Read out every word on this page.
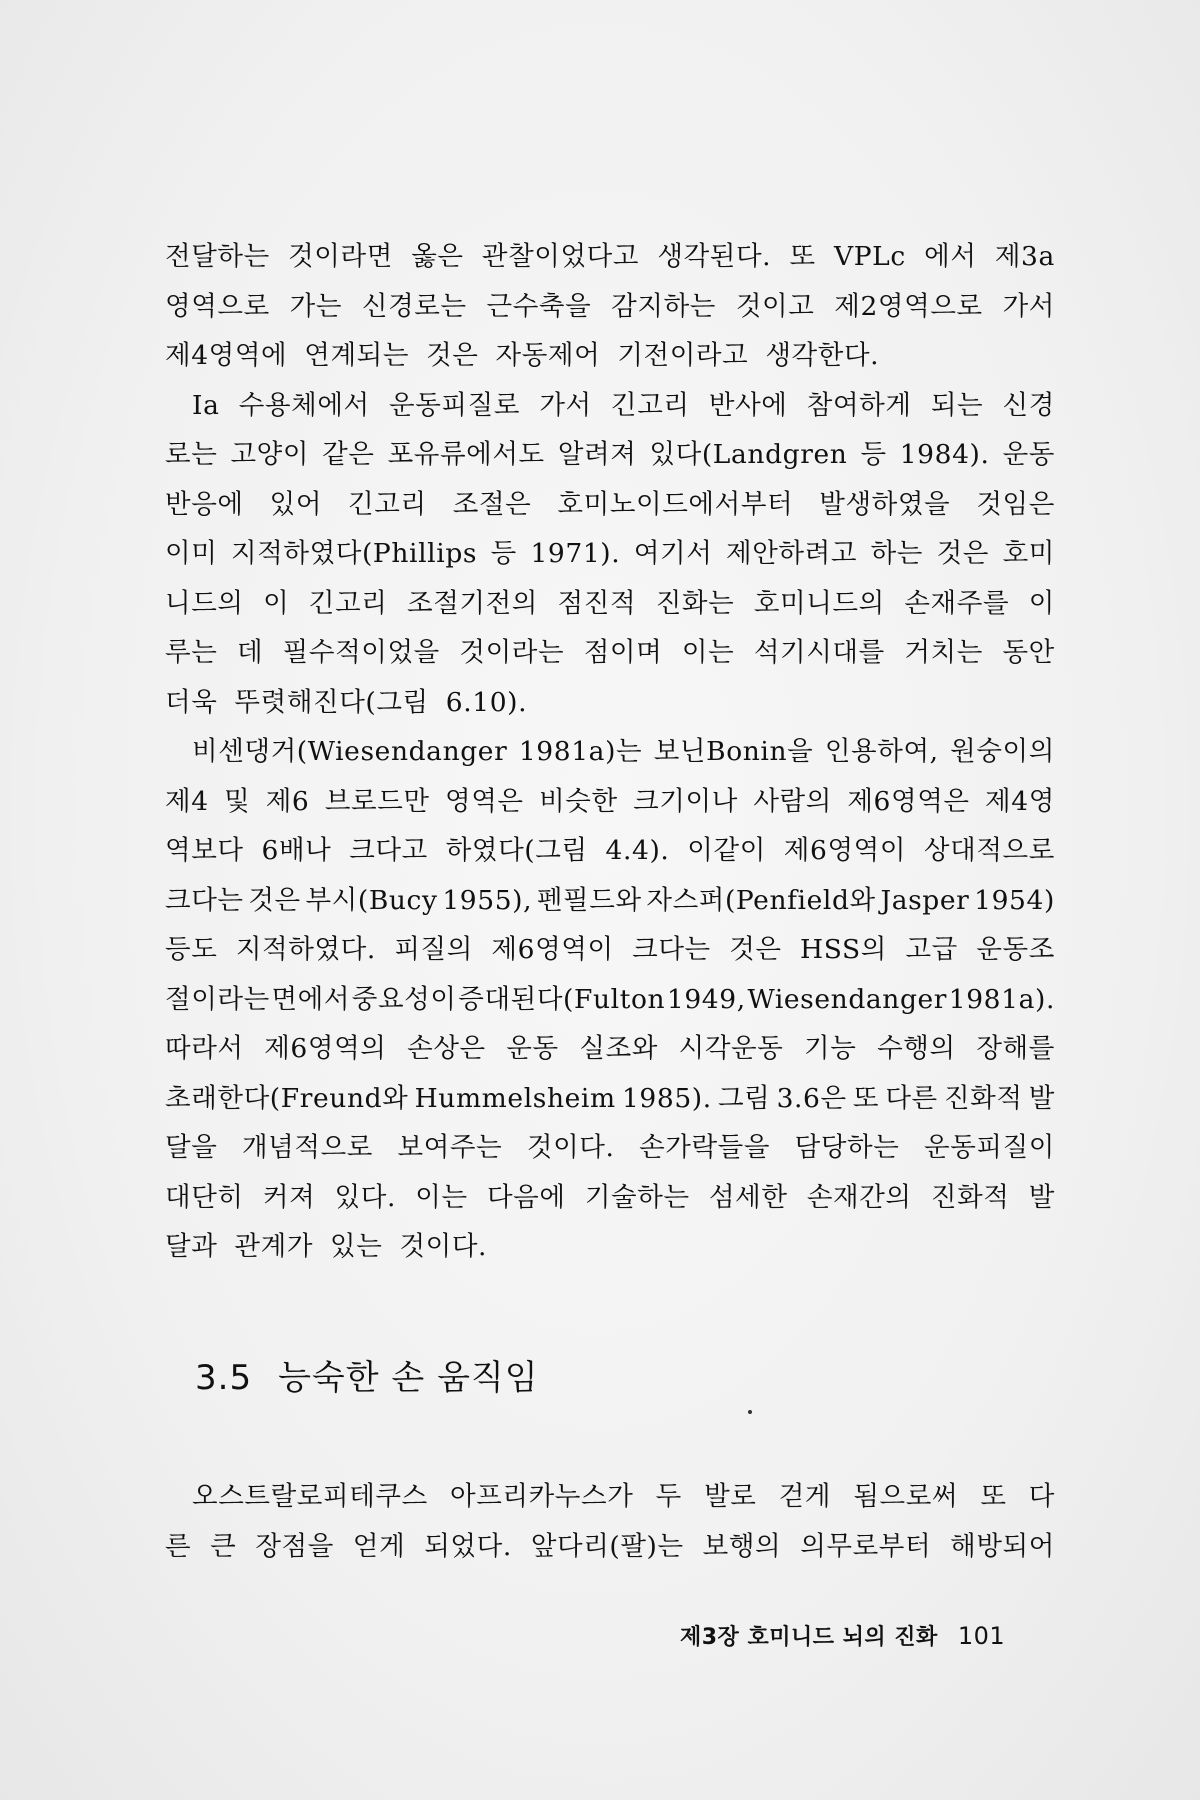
전달하는 것이라면 옳은 관찰이었다고 생각된다. 또 VPLc 에서 제3a
영역으로 가는 신경로는 근수축을 감지하는 것이고 제2영역으로 가서
제4영역에 연계되는 것은 자동제어 기전이라고 생각한다.
Ia 수용체에서 운동피질로 가서 긴고리 반사에 참여하게 되는 신경
로는 고양이 같은 포유류에서도 알려져 있다(Landgren 등 1984). 운동
반응에 있어 긴고리 조절은 호미노이드에서부터 발생하였을 것임은
이미 지적하였다(Phillips 등 1971). 여기서 제안하려고 하는 것은 호미
니드의 이 긴고리 조절기전의 점진적 진화는 호미니드의 손재주를 이
루는 데 필수적이었을 것이라는 점이며 이는 석기시대를 거치는 동안
더욱 뚜렷해진다(그림 6.10).
비센댕거(Wiesendanger 1981a)는 보닌Bonin을 인용하여, 원숭이의
제4 및 제6 브로드만 영역은 비슷한 크기이나 사람의 제6영역은 제4영
역보다 6배나 크다고 하였다(그림 4.4). 이같이 제6영역이 상대적으로
크다는 것은 부시(Bucy 1955), 펜필드와 자스퍼(Penfield와 Jasper 1954)
등도 지적하였다. 피질의 제6영역이 크다는 것은 HSS의 고급 운동조
절이라는 면에서 중요성이 증대된다(Fulton 1949, Wiesendanger 1981a).
따라서 제6영역의 손상은 운동 실조와 시각운동 기능 수행의 장해를
초래한다(Freund와 Hummelsheim 1985). 그림 3.6은 또 다른 진화적 발
달을 개념적으로 보여주는 것이다. 손가락들을 담당하는 운동피질이
대단히 커져 있다. 이는 다음에 기술하는 섬세한 손재간의 진화적 발
달과 관계가 있는 것이다.
3.5 능숙한 손 움직임
오스트랄로피테쿠스 아프리카누스가 두 발로 걷게 됨으로써 또 다
른 큰 장점을 얻게 되었다. 앞다리(팔)는 보행의 의무로부터 해방되어
제3장 호미니드 뇌의 진화 101
